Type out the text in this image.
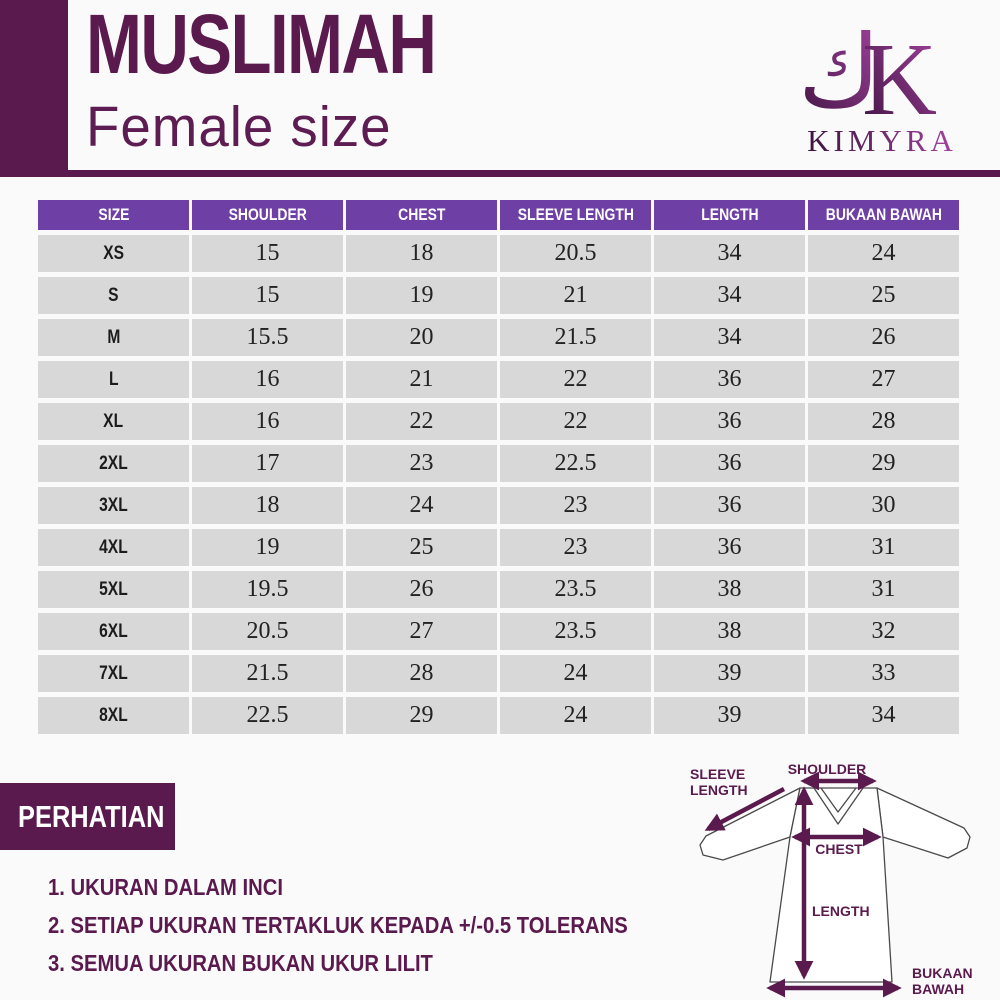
MUSLIMAH
Female size	ك
K
KIMYRA
SIZE	SHOULDER	CHEST	SLEEVE LENGTH	LENGTH	BUKAAN BAWAH
XS	15	18	20.5	34	24
S	15	19	21	34	25
M	15.5	20	21.5	34	26
L	16	21	22	36	27
XL	16	22	22	36	28
2XL	17	23	22.5	36	29
3XL	18	24	23	36	30
4XL	19	25	23	36	31
5XL	19.5	26	23.5	38	31
6XL	20.5	27	23.5	38	32
7XL	21.5	28	24	39	33
8XL	22.5	29	24	39	34
PERHATIAN
1. UKURAN DALAM INCI
2. SETIAP UKURAN TERTAKLUK KEPADA +/-0.5 TOLERANS
3. SEMUA UKURAN BUKAN UKUR LILIT
SLEEVE
LENGTH
SHOULDER
CHEST
LENGTH
BUKAAN
BAWAH
